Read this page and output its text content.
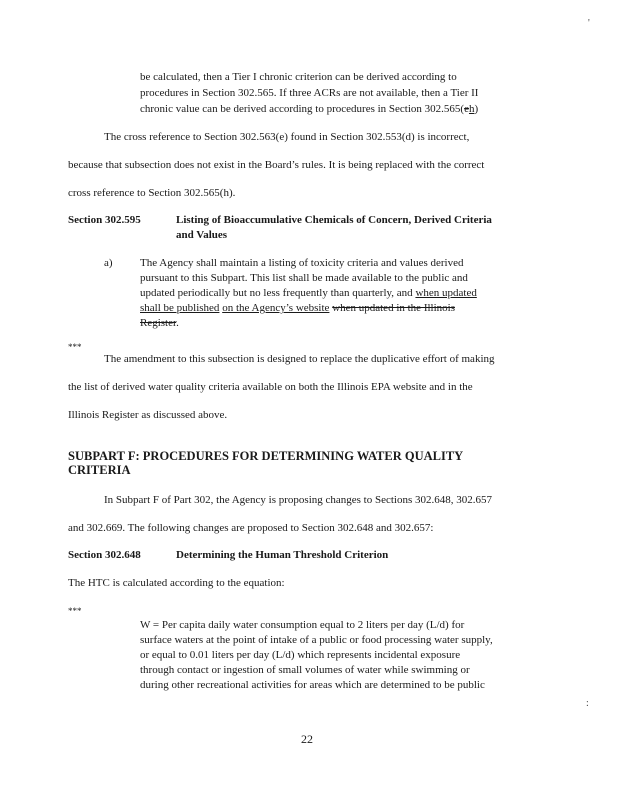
'
:
be calculated, then a Tier I chronic criterion can be derived according to
procedures in Section 302.565. If three ACRs are not available, then a Tier II
chronic value can be derived according to procedures in Section 302.565(eh)
The cross reference to Section 302.563(e) found in Section 302.553(d) is incorrect,
because that subsection does not exist in the Board’s rules. It is being replaced with the correct
cross reference to Section 302.565(h).
Section 302.595	Listing of Bioaccumulative Chemicals of Concern, Derived Criteria
and Values
a) The Agency shall maintain a listing of toxicity criteria and values derived
pursuant to this Subpart. This list shall be made available to the public and
updated periodically but no less frequently than quarterly, and when updated
shall be published on the Agency’s website when updated in the Illinois
Register.
***
The amendment to this subsection is designed to replace the duplicative effort of making
the list of derived water quality criteria available on both the Illinois EPA website and in the
Illinois Register as discussed above.
SUBPART F: PROCEDURES FOR DETERMINING WATER QUALITY
CRITERIA
In Subpart F of Part 302, the Agency is proposing changes to Sections 302.648, 302.657
and 302.669. The following changes are proposed to Section 302.648 and 302.657:
Section 302.648	Determining the Human Threshold Criterion
The HTC is calculated according to the equation:
***
W = Per capita daily water consumption equal to 2 liters per day (L/d) for
surface waters at the point of intake of a public or food processing water supply,
or equal to 0.01 liters per day (L/d) which represents incidental exposure
through contact or ingestion of small volumes of water while swimming or
during other recreational activities for areas which are determined to be public
22
